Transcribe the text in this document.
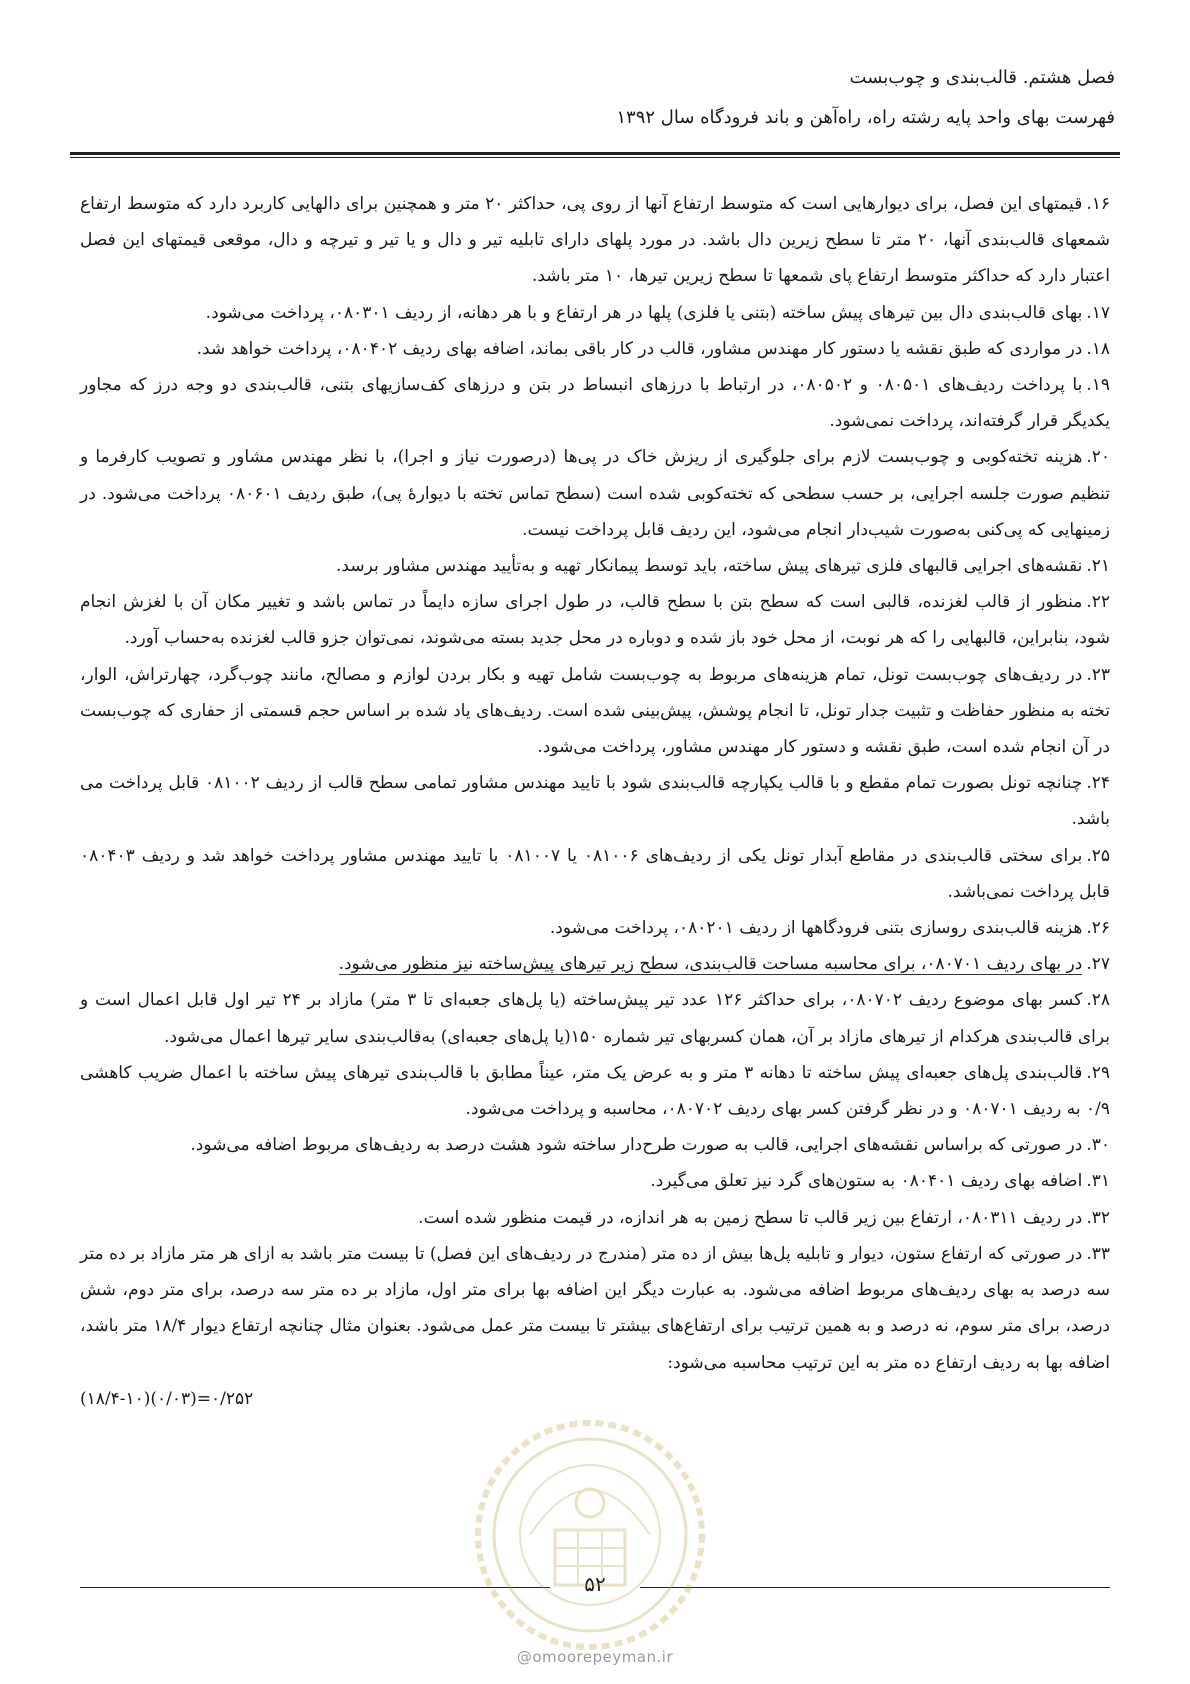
فصل هشتم. قالب‌بندی و چوب‌بست
فهرست بهای واحد پایه رشته راه، راه‌آهن و باند فرودگاه سال ۱۳۹۲

۱۶.قیمتهای این فصل، برای دیوارهایی است که متوسط ارتفاع آنها از روی پی، حداکثر ۲۰ متر و همچنین برای دالهایی کاربرد دارد که متوسط ارتفاع شمعهای قالب‌بندی آنها، ۲۰ متر تا سطح زیرین دال باشد. در مورد پلهای دارای تابلیه تیر و دال و یا تیر و تیرچه و دال، موقعی قیمتهای این فصل اعتبار دارد که حداکثر متوسط ارتفاع پای شمعها تا سطح زیرین تیرها، ۱۰ متر باشد.

۱۷.بهای قالب‌بندی دال بین تیرهای پیش ساخته (بتنی یا فلزی) پلها در هر ارتفاع و با هر دهانه، از ردیف ۰۸۰۳۰۱، پرداخت می‌شود.

۱۸.در مواردی که طبق نقشه یا دستور کار مهندس مشاور، قالب در کار باقی بماند، اضافه بهای ردیف ۰۸۰۴۰۲، پرداخت خواهد شد.

۱۹.با پرداخت ردیف‌های ۰۸۰۵۰۱ و ۰۸۰۵۰۲، در ارتباط با درزهای انبساط در بتن و درزهای کف‌سازیهای بتنی، قالب‌بندی دو وجه درز که مجاور یکدیگر قرار گرفته‌اند، پرداخت نمی‌شود.

۲۰.هزینه تخته‌کوبی و چوب‌بست لازم برای جلوگیری از ریزش خاک در پی‌ها (درصورت نیاز و اجرا)، با نظر مهندس مشاور و تصویب کارفرما و تنظیم صورت جلسه اجرایی، بر حسب سطحی که تخته‌کوبی شده است (سطح تماس تخته با دیوارهٔ پی)، طبق ردیف ۰۸۰۶۰۱ پرداخت می‌شود. در زمینهایی که پی‌کنی به‌صورت شیب‌دار انجام می‌شود، این ردیف قابل پرداخت نیست.

۲۱.نقشه‌های اجرایی قالبهای فلزی تیرهای پیش ساخته، باید توسط پیمانکار تهیه و به‌تأیید مهندس مشاور برسد.

۲۲.منظور از قالب لغزنده، قالبی است که سطح بتن با سطح قالب، در طول اجرای سازه دایماً در تماس باشد و تغییر مکان آن با لغزش انجام شود، بنابراین، قالبهایی را که هر نوبت، از محل خود باز شده و دوباره در محل جدید بسته می‌شوند، نمی‌توان جزو قالب لغزنده به‌حساب آورد.

۲۳.در ردیف‌های چوب‌بست تونل، تمام هزینه‌های مربوط به چوب‌بست شامل تهیه و بکار بردن لوازم و مصالح، مانند چوب‌گرد، چهارتراش، الوار، تخته به منظور حفاظت و تثبیت جدار تونل، تا انجام پوشش، پیش‌بینی شده است. ردیف‌های یاد شده بر اساس حجم قسمتی از حفاری که چوب‌بست در آن انجام شده است، طبق نقشه و دستور کار مهندس مشاور، پرداخت می‌شود.

۲۴.چنانچه تونل بصورت تمام مقطع و با قالب یکپارچه قالب‌بندی شود با تایید مهندس مشاور تمامی سطح قالب از ردیف ۰۸۱۰۰۲ قابل پرداخت می باشد.

۲۵.برای سختی قالب‌بندی در مقاطع آبدار تونل یکی از ردیف‌های ۰۸۱۰۰۶ یا ۰۸۱۰۰۷ با تایید مهندس مشاور پرداخت خواهد شد و ردیف ۰۸۰۴۰۳ قابل پرداخت نمی‌باشد.

۲۶.هزینه قالب‌بندی روسازی بتنی فرودگاهها از ردیف ۰۸۰۲۰۱، پرداخت می‌شود.

۲۷.در بهای ردیف ۰۸۰۷۰۱، برای محاسبه مساحت قالب‌بندی، سطح زیر تیرهای پیش‌ساخته نیز منظور می‌شود.

۲۸.کسر بهای موضوع ردیف ۰۸۰۷۰۲، برای حداکثر ۱۲۶ عدد تیر پیش‌ساخته (یا پل‌های جعبه‌ای تا ۳ متر) مازاد بر ۲۴ تیر اول قابل اعمال است و برای قالب‌بندی هرکدام از تیرهای مازاد بر آن، همان کسربهای تیر شماره ۱۵۰(یا پل‌های جعبه‌ای) به‌قالب‌بندی سایر تیرها اعمال می‌شود.

۲۹.قالب‌بندی پل‌های جعبه‌ای پیش ساخته تا دهانه ۳ متر و به عرض یک متر، عیناً مطابق با قالب‌بندی تیرهای پیش ساخته با اعمال ضریب کاهشی ۰/۹ به ردیف ۰۸۰۷۰۱ و در نظر گرفتن کسر بهای ردیف ۰۸۰۷۰۲، محاسبه و پرداخت می‌شود.

۳۰.در صورتی که براساس نقشه‌های اجرایی، قالب به صورت طرح‌دار ساخته شود هشت درصد به ردیف‌های مربوط اضافه می‌شود.

۳۱.اضافه بهای ردیف ۰۸۰۴۰۱ به ستون‌های گرد نیز تعلق می‌گیرد.

۳۲.در ردیف ۰۸۰۳۱۱، ارتفاع بین زیر قالب تا سطح زمین به هر اندازه، در قیمت منظور شده است.

۳۳.در صورتی که ارتفاع ستون، دیوار و تابلیه پل‌ها بیش از ده متر (مندرج در ردیف‌های این فصل) تا بیست متر باشد به ازای هر متر مازاد بر ده متر سه درصد به بهای ردیف‌های مربوط اضافه می‌شود. به عبارت دیگر این اضافه بها برای متر اول، مازاد بر ده متر سه درصد، برای متر دوم، شش درصد، برای متر سوم، نه درصد و به همین ترتیب برای ارتفاع‌های بیشتر تا بیست متر عمل می‌شود. بعنوان مثال چنانچه ارتفاع دیوار ۱۸/۴ متر باشد، اضافه بها به ردیف ارتفاع ده متر به این ترتیب محاسبه می‌شود:

(۱۸/۴-۱۰)(۰/۰۳)=۰/۲۵۲
۵۲
@omoorepeyman.ir
